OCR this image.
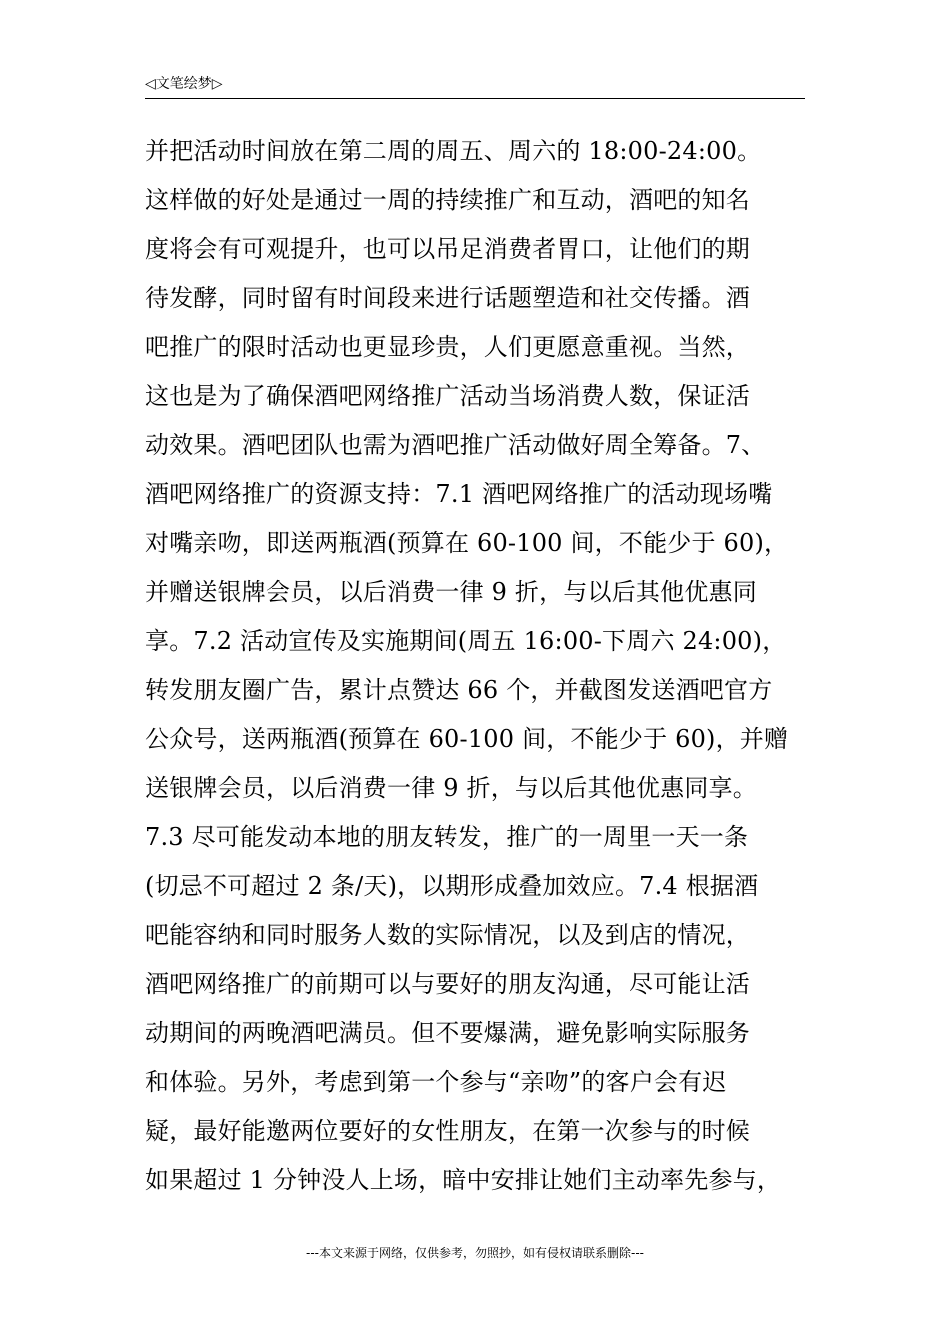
◁文笔绘梦▷
并把活动时间放在第二周的周五、周六的 18:00-24:00。
这样做的好处是通过一周的持续推广和互动，酒吧的知名
度将会有可观提升，也可以吊足消费者胃口，让他们的期
待发酵，同时留有时间段来进行话题塑造和社交传播。酒
吧推广的限时活动也更显珍贵，人们更愿意重视。当然，
这也是为了确保酒吧网络推广活动当场消费人数，保证活
动效果。酒吧团队也需为酒吧推广活动做好周全筹备。7、
酒吧网络推广的资源支持：7.1 酒吧网络推广的活动现场嘴
对嘴亲吻，即送两瓶酒(预算在 60-100 间，不能少于 60)，
并赠送银牌会员，以后消费一律 9 折，与以后其他优惠同
享。7.2 活动宣传及实施期间(周五 16:00-下周六 24:00)，
转发朋友圈广告，累计点赞达 66 个，并截图发送酒吧官方
公众号，送两瓶酒(预算在 60-100 间，不能少于 60)，并赠
送银牌会员，以后消费一律 9 折，与以后其他优惠同享。
7.3 尽可能发动本地的朋友转发，推广的一周里一天一条
(切忌不可超过 2 条/天)，以期形成叠加效应。7.4 根据酒
吧能容纳和同时服务人数的实际情况，以及到店的情况，
酒吧网络推广的前期可以与要好的朋友沟通，尽可能让活
动期间的两晚酒吧满员。但不要爆满，避免影响实际服务
和体验。另外，考虑到第一个参与“亲吻”的客户会有迟
疑，最好能邀两位要好的女性朋友，在第一次参与的时候
如果超过 1 分钟没人上场，暗中安排让她们主动率先参与，
---本文来源于网络，仅供参考，勿照抄，如有侵权请联系删除---
